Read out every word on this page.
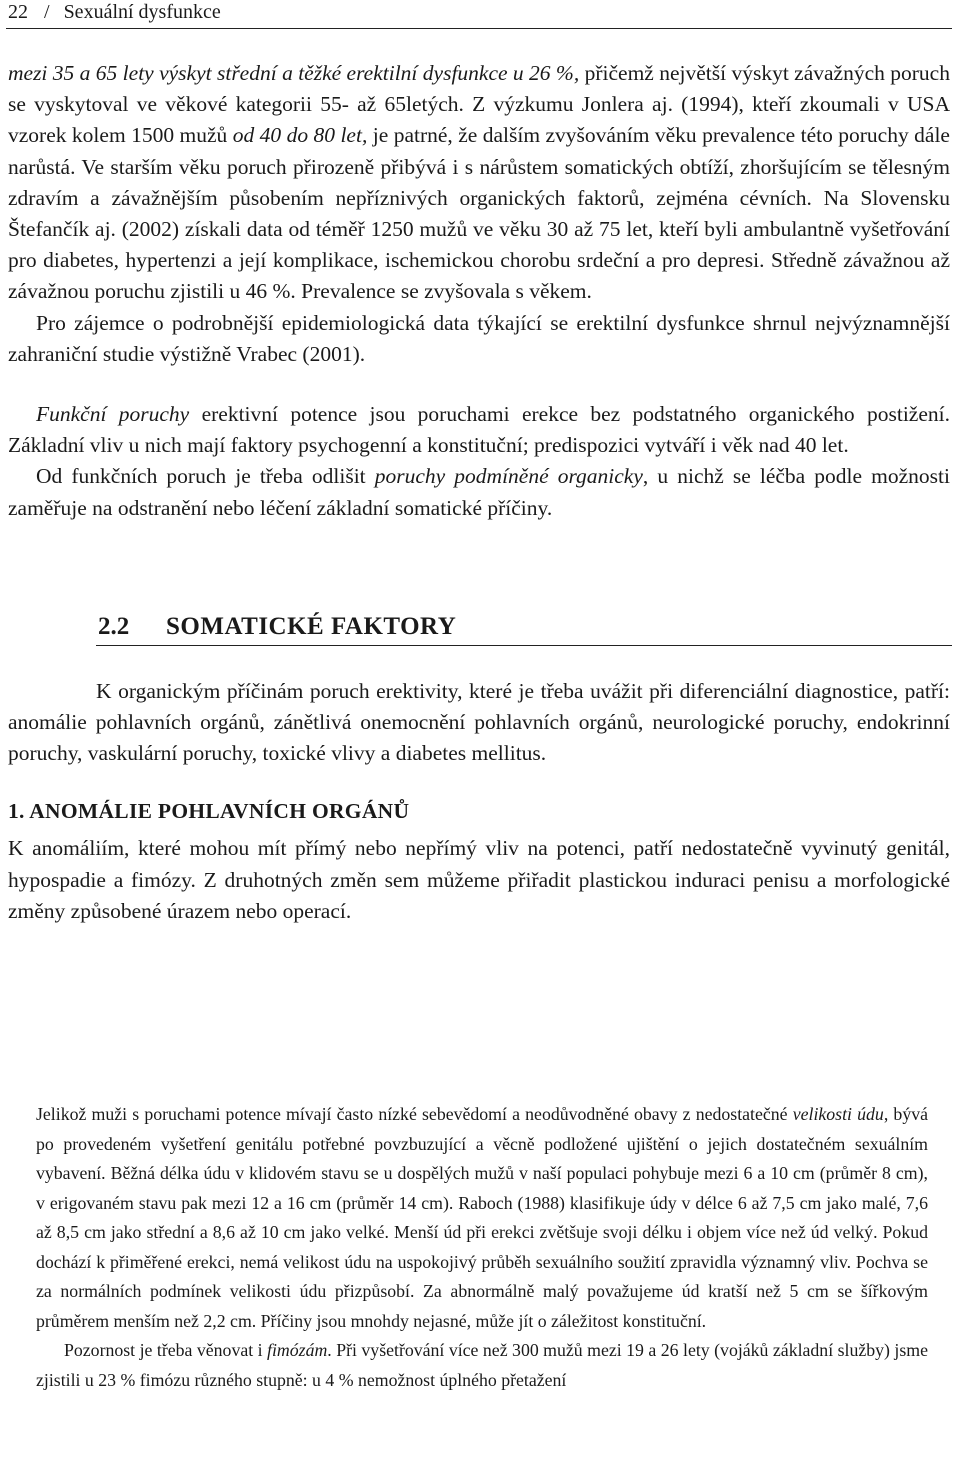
22 / Sexuální dysfunkce

mezi 35 a 65 lety výskyt střední a těžké erektilní dysfunkce u 26 %, přičemž největší výskyt závažných poruch se vyskytoval ve věkové kategorii 55- až 65letých. Z výzkumu Jonlera aj. (1994), kteří zkoumali v USA vzorek kolem 1500 mužů od 40 do 80 let, je patrné, že dalším zvyšováním věku prevalence této poruchy dále narůstá. Ve starším věku poruch přirozeně přibývá i s nárůstem somatických obtíží, zhoršujícím se tělesným zdravím a závažnějším působením nepříznivých organických faktorů, zejména cévních. Na Slovensku Štefančík aj. (2002) získali data od téměř 1250 mužů ve věku 30 až 75 let, kteří byli ambulantně vyšetřování pro diabetes, hypertenzi a její komplikace, ischemickou chorobu srdeční a pro depresi. Středně závažnou až závažnou poruchu zjistili u 46 %. Prevalence se zvyšovala s věkem.

Pro zájemce o podrobnější epidemiologická data týkající se erektilní dysfunkce shrnul nejvýznamnější zahraniční studie výstižně Vrabec (2001).

Funkční poruchy erektivní potence jsou poruchami erekce bez podstatného organického postižení. Základní vliv u nich mají faktory psychogenní a konstituční; predispozici vytváří i věk nad 40 let.

Od funkčních poruch je třeba odlišit poruchy podmíněné organicky, u nichž se léčba podle možnosti zaměřuje na odstranění nebo léčení základní somatické příčiny.

2.2 SOMATICKÉ FAKTORY

K organickým příčinám poruch erektivity, které je třeba uvážit při diferenciální diagnostice, patří: anomálie pohlavních orgánů, zánětlivá onemocnění pohlavních orgánů, neurologické poruchy, endokrinní poruchy, vaskulární poruchy, toxické vlivy a diabetes mellitus.

1. ANOMÁLIE POHLAVNÍCH ORGÁNŮ

K anomáliím, které mohou mít přímý nebo nepřímý vliv na potenci, patří nedostatečně vyvinutý genitál, hypospadie a fimózy. Z druhotných změn sem můžeme přiřadit plastickou induraci penisu a morfologické změny způsobené úrazem nebo operací.

Jelikož muži s poruchami potence mívají často nízké sebevědomí a neodůvodněné obavy z nedostatečné velikosti údu, bývá po provedeném vyšetření genitálu potřebné povzbuzující a věcně podložené ujištění o jejich dostatečném sexuálním vybavení. Běžná délka údu v klidovém stavu se u dospělých mužů v naší populaci pohybuje mezi 6 a 10 cm (průměr 8 cm), v erigovaném stavu pak mezi 12 a 16 cm (průměr 14 cm). Raboch (1988) klasifikuje údy v délce 6 až 7,5 cm jako malé, 7,6 až 8,5 cm jako střední a 8,6 až 10 cm jako velké. Menší úd při erekci zvětšuje svoji délku i objem více než úd velký. Pokud dochází k přiměřené erekci, nemá velikost údu na uspokojivý průběh sexuálního soužití zpravidla významný vliv. Pochva se za normálních podmínek velikosti údu přizpůsobí. Za abnormálně malý považujeme úd kratší než 5 cm se šířkovým průměrem menším než 2,2 cm. Příčiny jsou mnohdy nejasné, může jít o záležitost konstituční.

Pozornost je třeba věnovat i fimózám. Při vyšetřování více než 300 mužů mezi 19 a 26 lety (vojáků základní služby) jsme zjistili u 23 % fimózu různého stupně: u 4 % nemožnost úplného přetažení
